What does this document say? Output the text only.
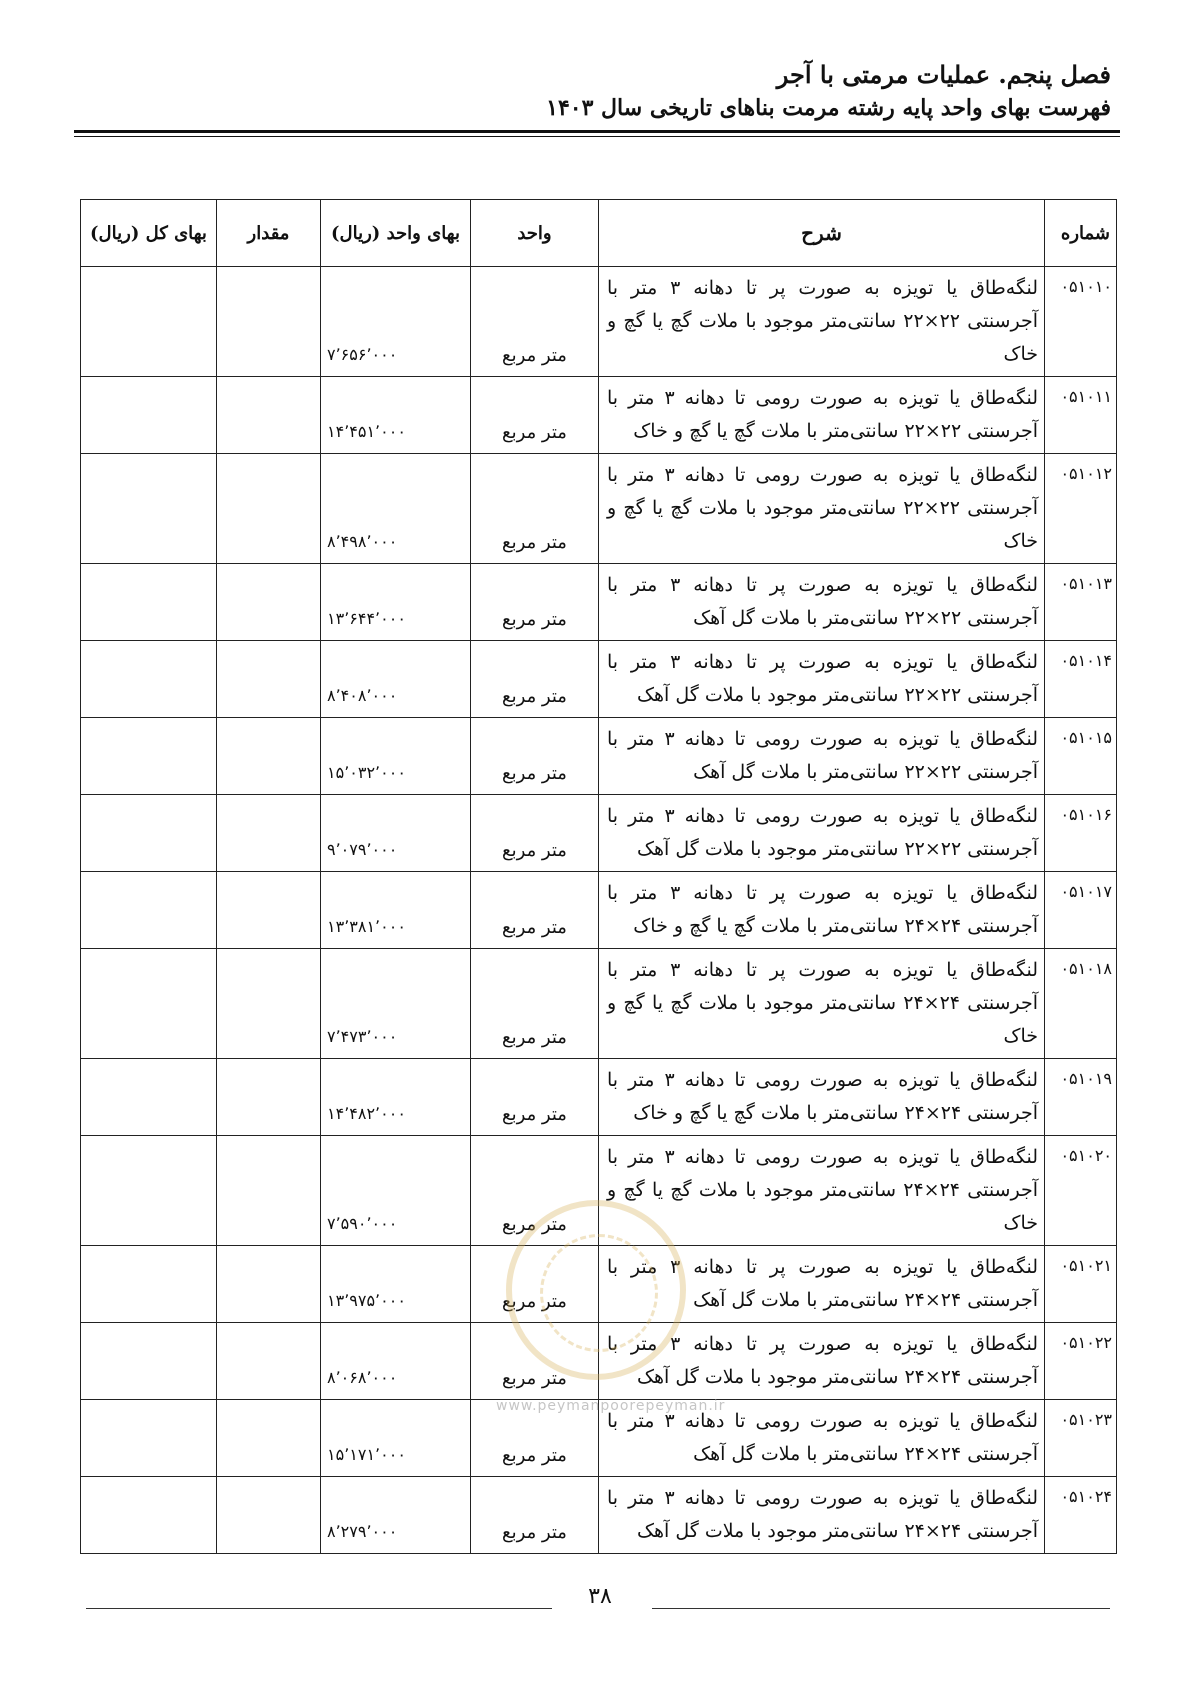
فصل پنجم. عملیات مرمتی با آجر
فهرست بهای واحد پایه رشته مرمت بناهای تاریخی سال ۱۴۰۳
شماره	شرح	واحد	بهای واحد (ریال)	مقدار	بهای کل (ریال)
۰۵۱۰۱۰	لنگه‌طاق یا تویزه به صورت پر تا دهانه ۳ متر با آجرسنتی ۲۲×۲۲ سانتی‌متر موجود با ملات گچ یا گچ و خاک	متر مربع	۷٬۶۵۶٬۰۰۰		
۰۵۱۰۱۱	لنگه‌طاق یا تویزه به صورت رومی تا دهانه ۳ متر با آجرسنتی ۲۲×۲۲ سانتی‌متر با ملات گچ یا گچ و خاک	متر مربع	۱۴٬۴۵۱٬۰۰۰		
۰۵۱۰۱۲	لنگه‌طاق یا تویزه به صورت رومی تا دهانه ۳ متر با آجرسنتی ۲۲×۲۲ سانتی‌متر موجود با ملات گچ یا گچ و خاک	متر مربع	۸٬۴۹۸٬۰۰۰		
۰۵۱۰۱۳	لنگه‌طاق یا تویزه به صورت پر تا دهانه ۳ متر با آجرسنتی ۲۲×۲۲ سانتی‌متر با ملات گل آهک	متر مربع	۱۳٬۶۴۴٬۰۰۰		
۰۵۱۰۱۴	لنگه‌طاق یا تویزه به صورت پر تا دهانه ۳ متر با آجرسنتی ۲۲×۲۲ سانتی‌متر موجود با ملات گل آهک	متر مربع	۸٬۴۰۸٬۰۰۰		
۰۵۱۰۱۵	لنگه‌طاق یا تویزه به صورت رومی تا دهانه ۳ متر با آجرسنتی ۲۲×۲۲ سانتی‌متر با ملات گل آهک	متر مربع	۱۵٬۰۳۲٬۰۰۰		
۰۵۱۰۱۶	لنگه‌طاق یا تویزه به صورت رومی تا دهانه ۳ متر با آجرسنتی ۲۲×۲۲ سانتی‌متر موجود با ملات گل آهک	متر مربع	۹٬۰۷۹٬۰۰۰		
۰۵۱۰۱۷	لنگه‌طاق یا تویزه به صورت پر تا دهانه ۳ متر با آجرسنتی ۲۴×۲۴ سانتی‌متر با ملات گچ یا گچ و خاک	متر مربع	۱۳٬۳۸۱٬۰۰۰		
۰۵۱۰۱۸	لنگه‌طاق یا تویزه به صورت پر تا دهانه ۳ متر با آجرسنتی ۲۴×۲۴ سانتی‌متر موجود با ملات گچ یا گچ و خاک	متر مربع	۷٬۴۷۳٬۰۰۰		
۰۵۱۰۱۹	لنگه‌طاق یا تویزه به صورت رومی تا دهانه ۳ متر با آجرسنتی ۲۴×۲۴ سانتی‌متر با ملات گچ یا گچ و خاک	متر مربع	۱۴٬۴۸۲٬۰۰۰		
۰۵۱۰۲۰	لنگه‌طاق یا تویزه به صورت رومی تا دهانه ۳ متر با آجرسنتی ۲۴×۲۴ سانتی‌متر موجود با ملات گچ یا گچ و خاک	متر مربع	۷٬۵۹۰٬۰۰۰		
۰۵۱۰۲۱	لنگه‌طاق یا تویزه به صورت پر تا دهانه ۳ متر با آجرسنتی ۲۴×۲۴ سانتی‌متر با ملات گل آهک	متر مربع	۱۳٬۹۷۵٬۰۰۰		
۰۵۱۰۲۲	لنگه‌طاق یا تویزه به صورت پر تا دهانه ۳ متر با آجرسنتی ۲۴×۲۴ سانتی‌متر موجود با ملات گل آهک	متر مربع	۸٬۰۶۸٬۰۰۰		
۰۵۱۰۲۳	لنگه‌طاق یا تویزه به صورت رومی تا دهانه ۳ متر با آجرسنتی ۲۴×۲۴ سانتی‌متر با ملات گل آهک	متر مربع	۱۵٬۱۷۱٬۰۰۰		
۰۵۱۰۲۴	لنگه‌طاق یا تویزه به صورت رومی تا دهانه ۳ متر با آجرسنتی ۲۴×۲۴ سانتی‌متر موجود با ملات گل آهک	متر مربع	۸٬۲۷۹٬۰۰۰		
www.peymanpoorepeyman.ir
۳۸
